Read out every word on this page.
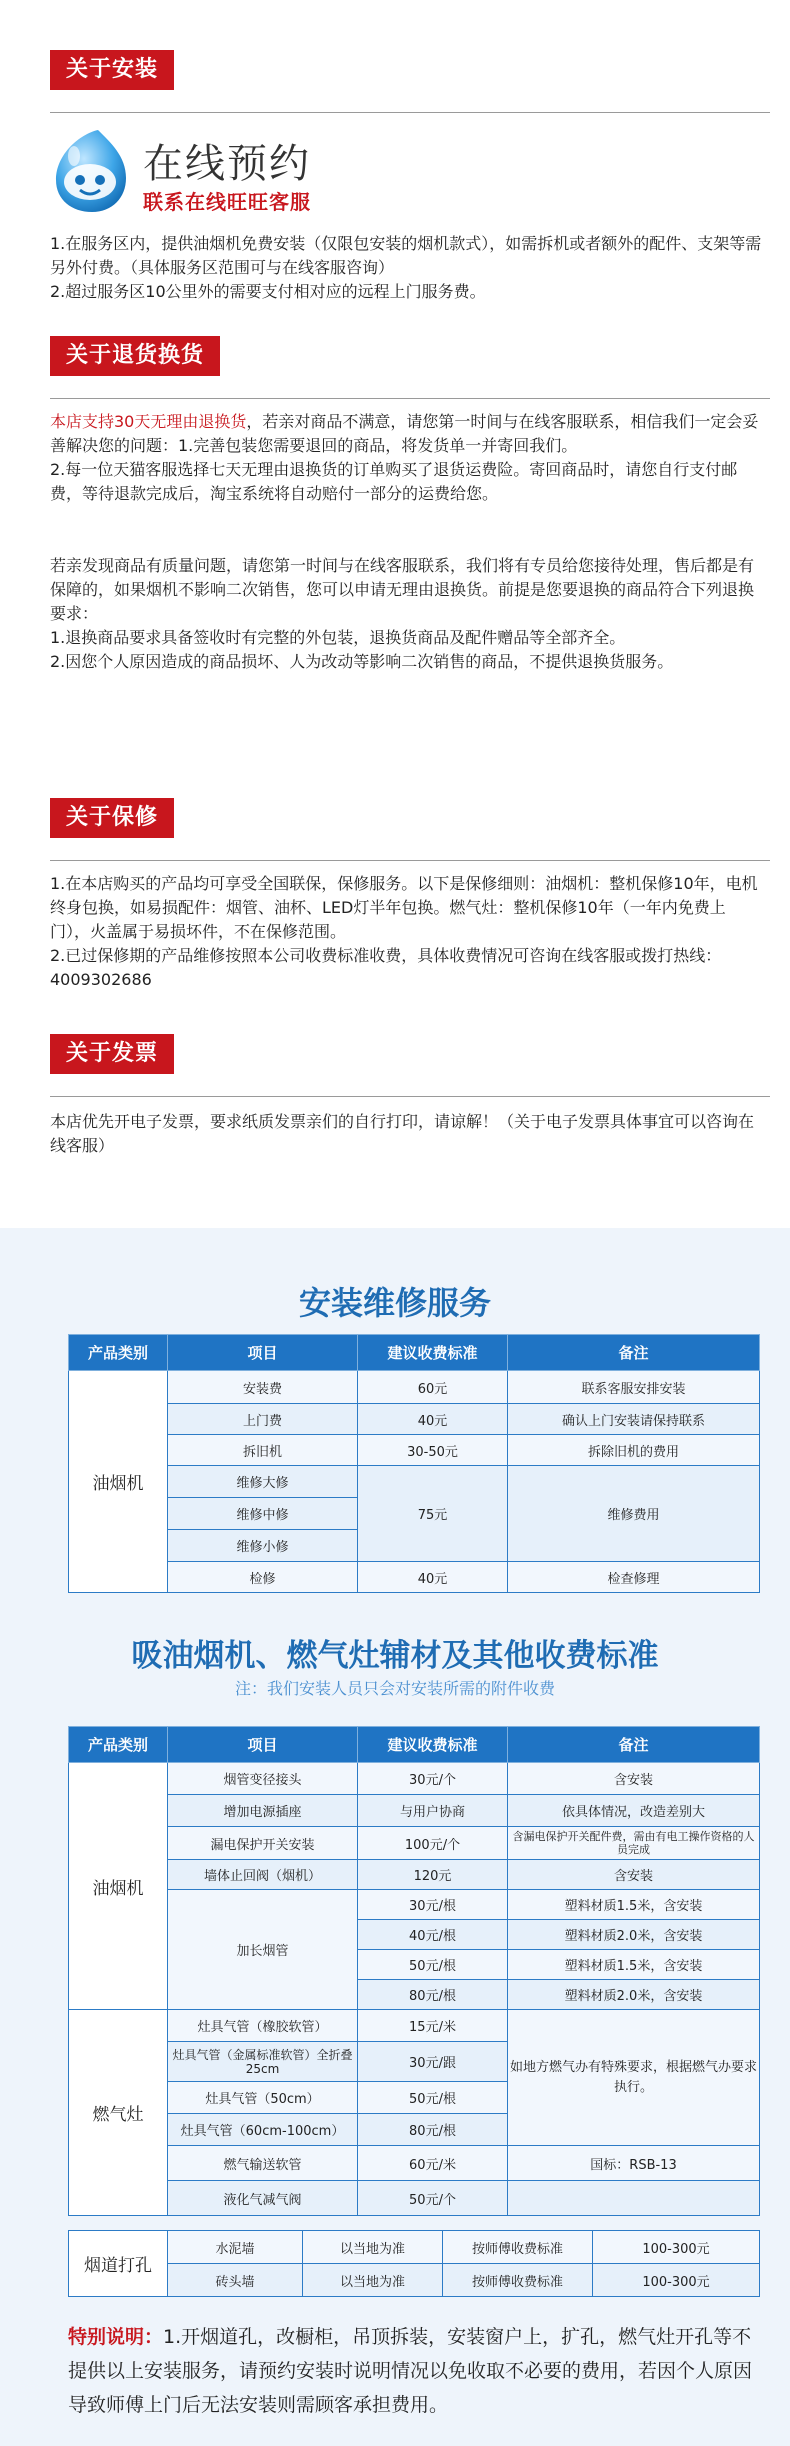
关于安装
在线预约
联系在线旺旺客服

1.在服务区内，提供油烟机免费安装（仅限包安装的烟机款式），如需拆机或者额外的配件、支架等需另外付费。（具体服务区范围可与在线客服咨询）

2.超过服务区10公里外的需要支付相对应的远程上门服务费。

关于退货换货

本店支持30天无理由退换货，若亲对商品不满意，请您第一时间与在线客服联系，相信我们一定会妥善解决您的问题：1.完善包装您需要退回的商品，将发货单一并寄回我们。

2.每一位天猫客服选择七天无理由退换货的订单购买了退货运费险。寄回商品时，请您自行支付邮费，等待退款完成后，淘宝系统将自动赔付一部分的运费给您。

若亲发现商品有质量问题，请您第一时间与在线客服联系，我们将有专员给您接待处理，售后都是有保障的，如果烟机不影响二次销售，您可以申请无理由退换货。前提是您要退换的商品符合下列退换要求：

1.退换商品要求具备签收时有完整的外包装，退换货商品及配件赠品等全部齐全。

2.因您个人原因造成的商品损坏、人为改动等影响二次销售的商品，不提供退换货服务。

关于保修

1.在本店购买的产品均可享受全国联保，保修服务。以下是保修细则：油烟机：整机保修10年，电机终身包换，如易损配件：烟管、油杯、LED灯半年包换。燃气灶：整机保修10年（一年内免费上门），火盖属于易损坏件，不在保修范围。

2.已过保修期的产品维修按照本公司收费标准收费，具体收费情况可咨询在线客服或拨打热线：4009302686

关于发票

本店优先开电子发票，要求纸质发票亲们的自行打印，请谅解！（关于电子发票具体事宜可以咨询在线客服）

安装维修服务
产品类别	项目	建议收费标准	备注
油烟机	安装费	60元	联系客服安排安装
	上门费	40元	确认上门安装请保持联系
	拆旧机	30-50元	拆除旧机的费用
	维修大修	75元	维修费用
	维修中修		
	维修小修		
	检修	40元	检查修理
吸油烟机、燃气灶辅材及其他收费标准
注：我们安装人员只会对安装所需的附件收费
产品类别	项目	建议收费标准	备注
油烟机	烟管变径接头	30元/个	含安装
	增加电源插座	与用户协商	依具体情况，改造差别大
	漏电保护开关安装	100元/个	含漏电保护开关配件费，需由有电工操作资格的人员完成
	墙体止回阀（烟机）	120元	含安装
	加长烟管	30元/根	塑料材质1.5米，含安装
		40元/根	塑料材质2.0米，含安装
		50元/根	塑料材质1.5米，含安装
		80元/根	塑料材质2.0米，含安装
燃气灶	灶具气管（橡胶软管）	15元/米	如地方燃气办有特殊要求，根据燃气办要求执行。
	灶具气管（金属标准软管）全折叠25cm	30元/跟	
	灶具气管（50cm）	50元/根	
	灶具气管（60cm-100cm）	80元/根	
	燃气输送软管	60元/米	国标：RSB-13
	液化气减气阀	50元/个	
烟道打孔	水泥墙	以当地为准	按师傅收费标准	100-300元
	砖头墙	以当地为准	按师傅收费标准	100-300元
特别说明：1.开烟道孔，改橱柜，吊顶拆装，安装窗户上，扩孔，燃气灶开孔等不提供以上安装服务，请预约安装时说明情况以免收取不必要的费用，若因个人原因导致师傅上门后无法安装则需顾客承担费用。
